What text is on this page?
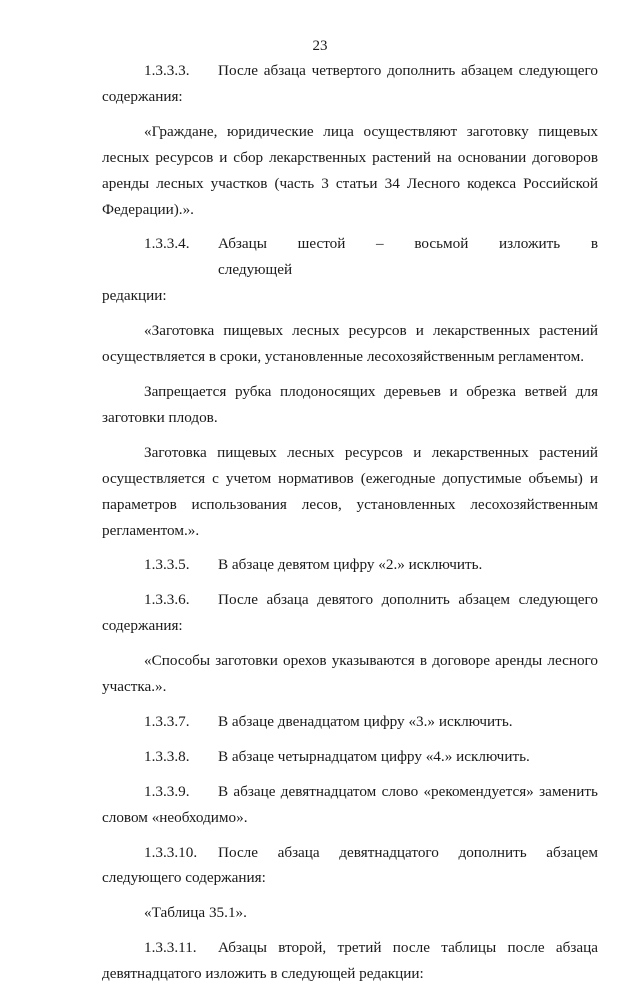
23
1.3.3.3.	После абзаца четвертого дополнить абзацем следующего

содержания:

«Граждане, юридические лица осуществляют заготовку пищевых лесных ресурсов и сбор лекарственных растений на основании договоров аренды лесных участков (часть 3 статьи 34 Лесного кодекса Российской Федерации).».

1.3.3.4.	Абзацы шестой – восьмой изложить в следующей

редакции:

«Заготовка пищевых лесных ресурсов и лекарственных растений осуществляется в сроки, установленные лесохозяйственным регламентом.

Запрещается рубка плодоносящих деревьев и обрезка ветвей для заготовки плодов.

Заготовка пищевых лесных ресурсов и лекарственных растений осуществляется с учетом нормативов (ежегодные допустимые объемы) и параметров использования лесов, установленных лесохозяйственным регламентом.».

1.3.3.5.	В абзаце девятом цифру «2.» исключить.
1.3.3.6.	После абзаца девятого дополнить абзацем следующего

содержания:

«Способы заготовки орехов указываются в договоре аренды лесного участка.».

1.3.3.7.	В абзаце двенадцатом цифру «3.» исключить.
1.3.3.8.	В абзаце четырнадцатом цифру «4.» исключить.
1.3.3.9.	В абзаце девятнадцатом слово «рекомендуется» заменить

словом «необходимо».

1.3.3.10.	После абзаца девятнадцатого дополнить абзацем

следующего содержания:

«Таблица 35.1».

1.3.3.11.	Абзацы второй, третий после таблицы после абзаца

девятнадцатого изложить в следующей редакции:
